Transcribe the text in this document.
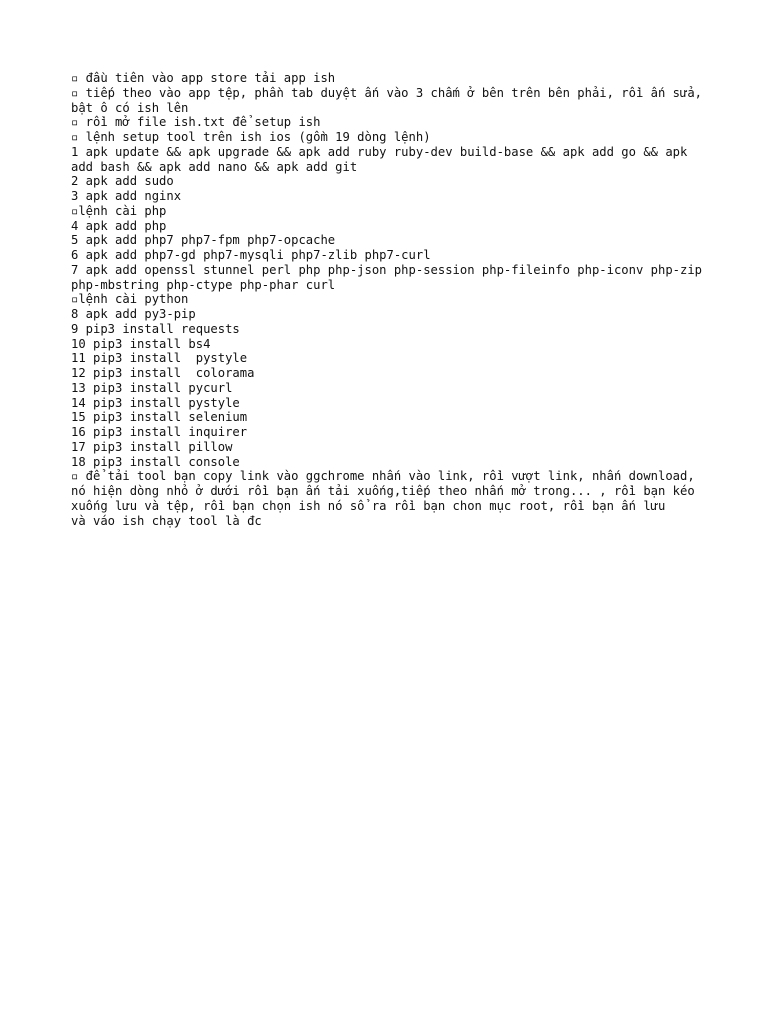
▫ đầu tiên vào app store tải app ish

▫ tiếp theo vào app tệp, phần tab duyệt ấn vào 3 chấm ở bên trên bên phải, rồi ấn sửa, bật ô có ish lên

▫ rồi mở file ish.txt để setup ish

▫ lệnh setup tool trên ish ios (gồm 19 dòng lệnh)

1 apk update && apk upgrade && apk add ruby ruby-dev build-base && apk add go && apk add bash && apk add nano && apk add git

2 apk add sudo

3 apk add nginx

▫lệnh cài php

4 apk add php

5 apk add php7 php7-fpm php7-opcache

6 apk add php7-gd php7-mysqli php7-zlib php7-curl

7 apk add openssl stunnel perl php php-json php-session php-fileinfo php-iconv php-zip php-mbstring php-ctype php-phar curl

▫lệnh cài python

8 apk add py3-pip

9 pip3 install requests

10 pip3 install bs4

11 pip3 install  pystyle

12 pip3 install  colorama

13 pip3 install pycurl

14 pip3 install pystyle

15 pip3 install selenium

16 pip3 install inquirer

17 pip3 install pillow

18 pip3 install console

▫ để tải tool bạn copy link vào ggchrome nhấn vào link, rồi vượt link, nhấn download, nó hiện dòng nhỏ ở dưới rồi bạn ấn tải xuống,tiếp theo nhấn mở trong... , rồi bạn kéo xuống lưu và tệp, rồi bạn chọn ish nó sổ ra rồi bạn chon mục root, rồi bạn ấn lưu

và váo ish chạy tool là đc
